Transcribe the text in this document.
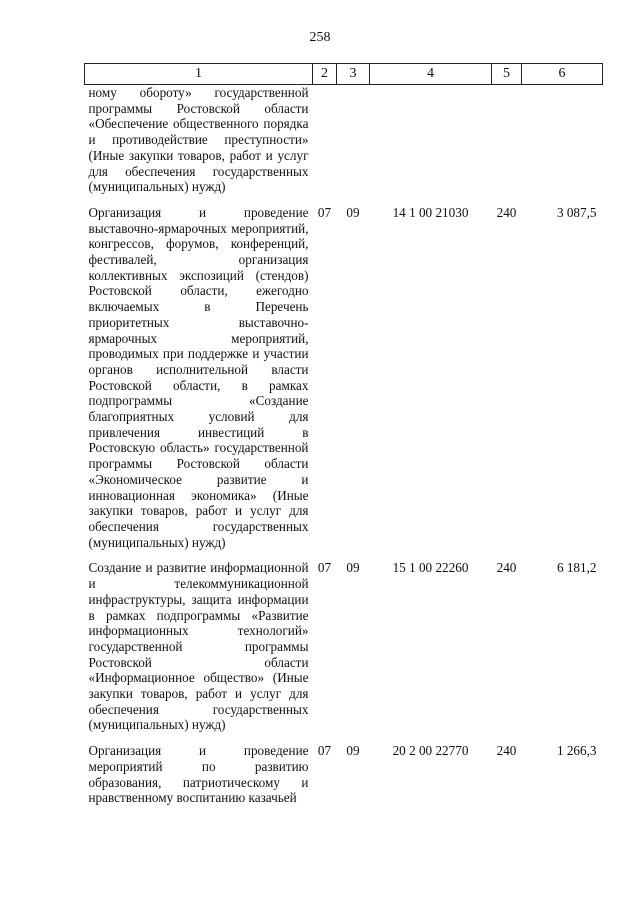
258
1	2	3	4	5	6
ному обороту» государственной программы Ростовской области «Обеспечение общественного порядка и противодействие преступности» (Иные закупки товаров, работ и услуг для обеспечения государственных (муниципальных) нужд)					
Организация и проведение выставочно-ярмарочных мероприятий, конгрессов, форумов, конференций, фестивалей, организация коллективных экспозиций (стендов) Ростовской области, ежегодно включаемых в Перечень приоритетных выставочно-ярмарочных мероприятий, проводимых при поддержке и участии органов исполнительной власти Ростовской области, в рамках подпрограммы «Создание благоприятных условий для привлечения инвестиций в Ростовскую область» государственной программы Ростовской области «Экономическое развитие и инновационная экономика» (Иные закупки товаров, работ и услуг для обеспечения государственных (муниципальных) нужд)	07	09	14 1 00 21030	240	3 087,5
Создание и развитие информационной и телекоммуникационной инфраструктуры, защита информации в рамках подпрограммы «Развитие информационных технологий» государственной программы Ростовской области «Информационное общество» (Иные закупки товаров, работ и услуг для обеспечения государственных (муниципальных) нужд)	07	09	15 1 00 22260	240	6 181,2
Организация и проведение мероприятий по развитию образования, патриотическому и нравственному воспитанию казачьей	07	09	20 2 00 22770	240	1 266,3
